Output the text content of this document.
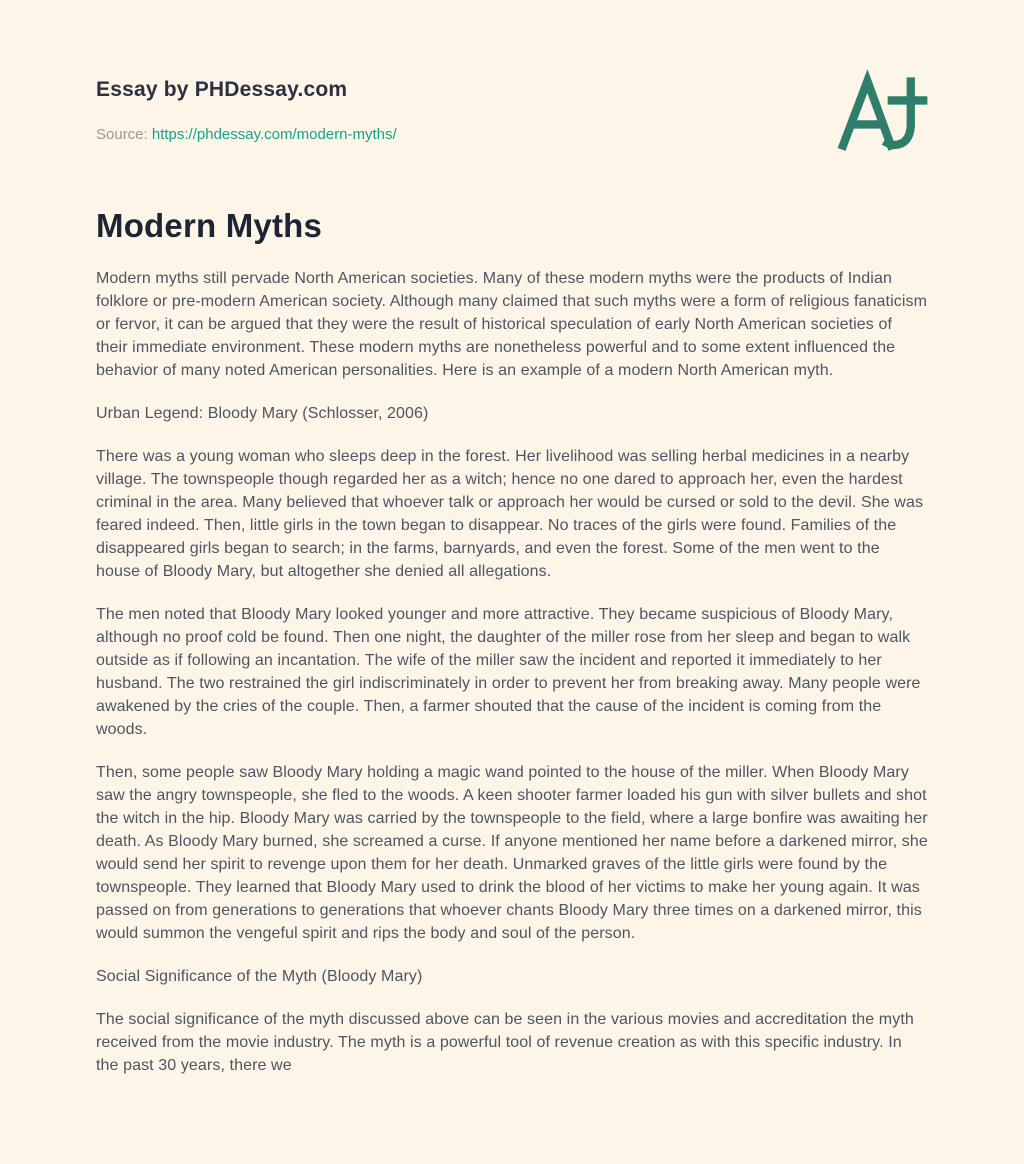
Essay by PHDessay.com
Source: https://phdessay.com/modern-myths/
Modern Myths

Modern myths still pervade North American societies. Many of these modern myths were the products of Indian folklore or pre-modern American society. Although many claimed that such myths were a form of religious fanaticism or fervor, it can be argued that they were the result of historical speculation of early North American societies of their immediate environment. These modern myths are nonetheless powerful and to some extent influenced the behavior of many noted American personalities. Here is an example of a modern North American myth.

Urban Legend: Bloody Mary (Schlosser, 2006)

There was a young woman who sleeps deep in the forest. Her livelihood was selling herbal medicines in a nearby village. The townspeople though regarded her as a witch; hence no one dared to approach her, even the hardest criminal in the area. Many believed that whoever talk or approach her would be cursed or sold to the devil. She was feared indeed. Then, little girls in the town began to disappear. No traces of the girls were found. Families of the disappeared girls began to search; in the farms, barnyards, and even the forest. Some of the men went to the house of Bloody Mary, but altogether she denied all allegations.

The men noted that Bloody Mary looked younger and more attractive. They became suspicious of Bloody Mary, although no proof cold be found. Then one night, the daughter of the miller rose from her sleep and began to walk outside as if following an incantation. The wife of the miller saw the incident and reported it immediately to her husband. The two restrained the girl indiscriminately in order to prevent her from breaking away. Many people were awakened by the cries of the couple. Then, a farmer shouted that the cause of the incident is coming from the woods.

Then, some people saw Bloody Mary holding a magic wand pointed to the house of the miller. When Bloody Mary saw the angry townspeople, she fled to the woods. A keen shooter farmer loaded his gun with silver bullets and shot the witch in the hip. Bloody Mary was carried by the townspeople to the field, where a large bonfire was awaiting her death. As Bloody Mary burned, she screamed a curse. If anyone mentioned her name before a darkened mirror, she would send her spirit to revenge upon them for her death. Unmarked graves of the little girls were found by the townspeople. They learned that Bloody Mary used to drink the blood of her victims to make her young again. It was passed on from generations to generations that whoever chants Bloody Mary three times on a darkened mirror, this would summon the vengeful spirit and rips the body and soul of the person.

Social Significance of the Myth (Bloody Mary)

The social significance of the myth discussed above can be seen in the various movies and accreditation the myth received from the movie industry. The myth is a powerful tool of revenue creation as with this specific industry. In the past 30 years, there we
